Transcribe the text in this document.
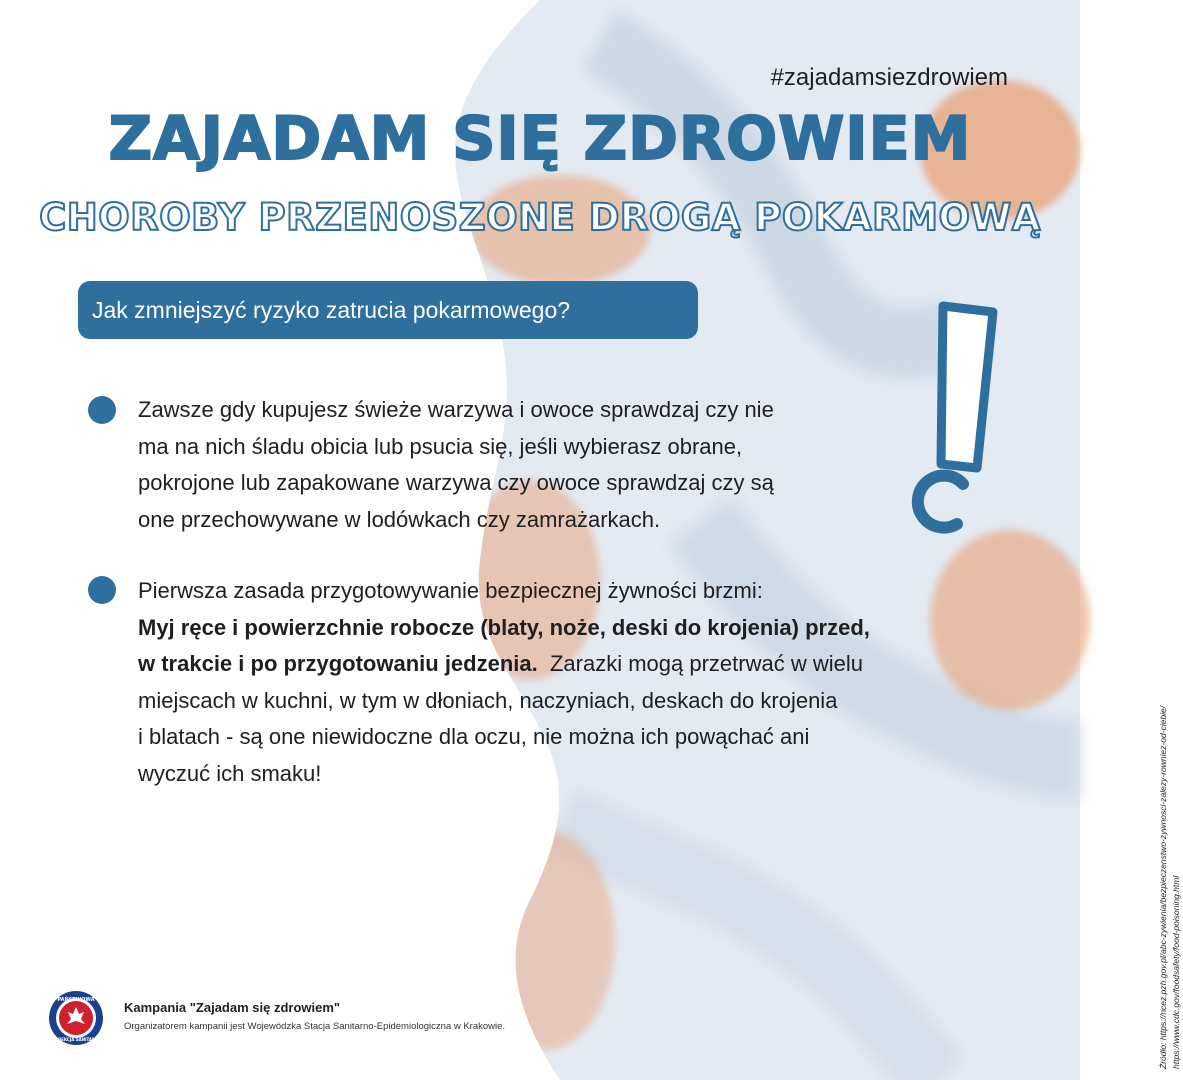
#zajadamsiezdrowiem
ZAJADAM SIĘ ZDROWIEM
CHOROBY PRZENOSZONE DROGĄ POKARMOWĄ
Jak zmniejszyć ryzyko zatrucia pokarmowego?
Zawsze gdy kupujesz świeże warzywa i owoce sprawdzaj czy nie
ma na nich śladu obicia lub psucia się, jeśli wybierasz obrane,
pokrojone lub zapakowane warzywa czy owoce sprawdzaj czy są
one przechowywane w lodówkach czy zamrażarkach.
Pierwsza zasada przygotowywanie bezpiecznej żywności brzmi:
Myj ręce i powierzchnie robocze (blaty, noże, deski do krojenia) przed,
w trakcie i po przygotowaniu jedzenia.  Zarazki mogą przetrwać w wielu
miejscach w kuchni, w tym w dłoniach, naczyniach, deskach do krojenia
i blatach - są one niewidoczne dla oczu, nie można ich powąchać ani
wyczuć ich smaku!
PAŃSTWOWA
INSPEKCJA SANITARNA
Kampania "Zajadam się zdrowiem"
Organizatorem kampanii jest Wojewódzka Stacja Sanitarno-Epidemiologiczna w Krakowie.	Źródło: https://ncez.pzh.gov.pl/abc-zywienia/bezpieczenstwo-zywnosci-zalezy-rowniez-od-ciebie/ https://www.cdc.gov/foodsafety/food-poisoning.html
